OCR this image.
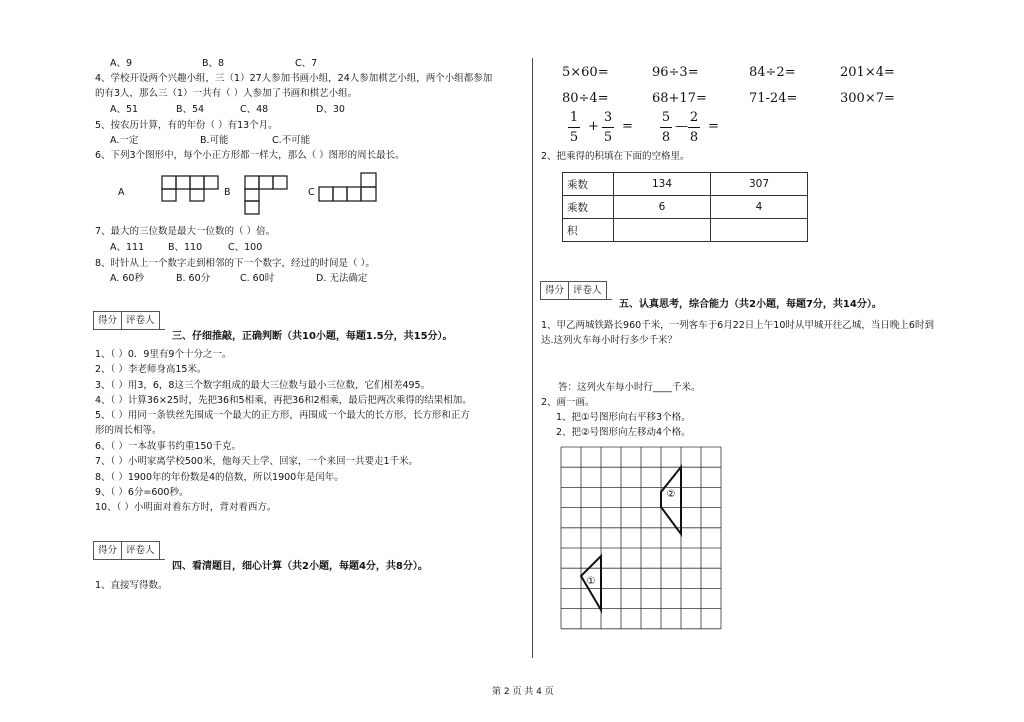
A、9	B、8	C、7
4、学校开设两个兴趣小组，三（1）27人参加书画小组，24人参加棋艺小组，两个小组都参加
的有3人，那么三（1）一共有（ ）人参加了书画和棋艺小组。
A、51	B、54	C、48	D、30
5、按农历计算，有的年份（ ）有13个月。
A.一定	B.可能	C.不可能
6、下列3个图形中，每个小正方形都一样大，那么（ ）图形的周长最长。
A	B	C
7、最大的三位数是最大一位数的（ ）倍。
A、111	B、110	C、100
8、时针从上一个数字走到相邻的下一个数字，经过的时间是（ ）。
A. 60秒	B. 60分	C. 60时	D. 无法确定
得分 评卷人
三、仔细推敲，正确判断（共10小题，每题1.5分，共15分）。
1、（ ）0．9里有9个十分之一。
2、（ ）李老师身高15米。
3、（ ）用3，6，8这三个数字组成的最大三位数与最小三位数，它们相差495。
4、（ ）计算36×25时，先把36和5相乘，再把36和2相乘，最后把两次乘得的结果相加。
5、（ ）用同一条铁丝先围成一个最大的正方形，再围成一个最大的长方形，长方形和正方
形的周长相等。
6、（ ）一本故事书约重150千克。
7、（ ）小明家离学校500米，他每天上学、回家，一个来回一共要走1千米。
8、（ ）1900年的年份数是4的倍数，所以1900年是闰年。
9、（ ）6分=600秒。
10、（ ）小明面对着东方时，背对着西方。
得分 评卷人
四、看清题目，细心计算（共2小题，每题4分，共8分）。
1、直接写得数。
5×60=	96÷3=	84÷2=	201×4=
80÷4=	68+17=	71-24=	300×7=
1
5
+
3
5
=
5
8
—
2
8
=
2、把乘得的积填在下面的空格里。
乘数	134	307
乘数	6	4
积		
得分 评卷人
五、认真思考，综合能力（共2小题，每题7分，共14分）。
1、甲乙两城铁路长960千米，一列客车于6月22日上午10时从甲城开往乙城，当日晚上6时到
达.这列火车每小时行多少千米？
答：这列火车每小时行____千米。
2、画一画。
1、把①号图形向右平移3个格。
2、把②号图形向左移动4个格。
①
②
第 2 页 共 4 页
